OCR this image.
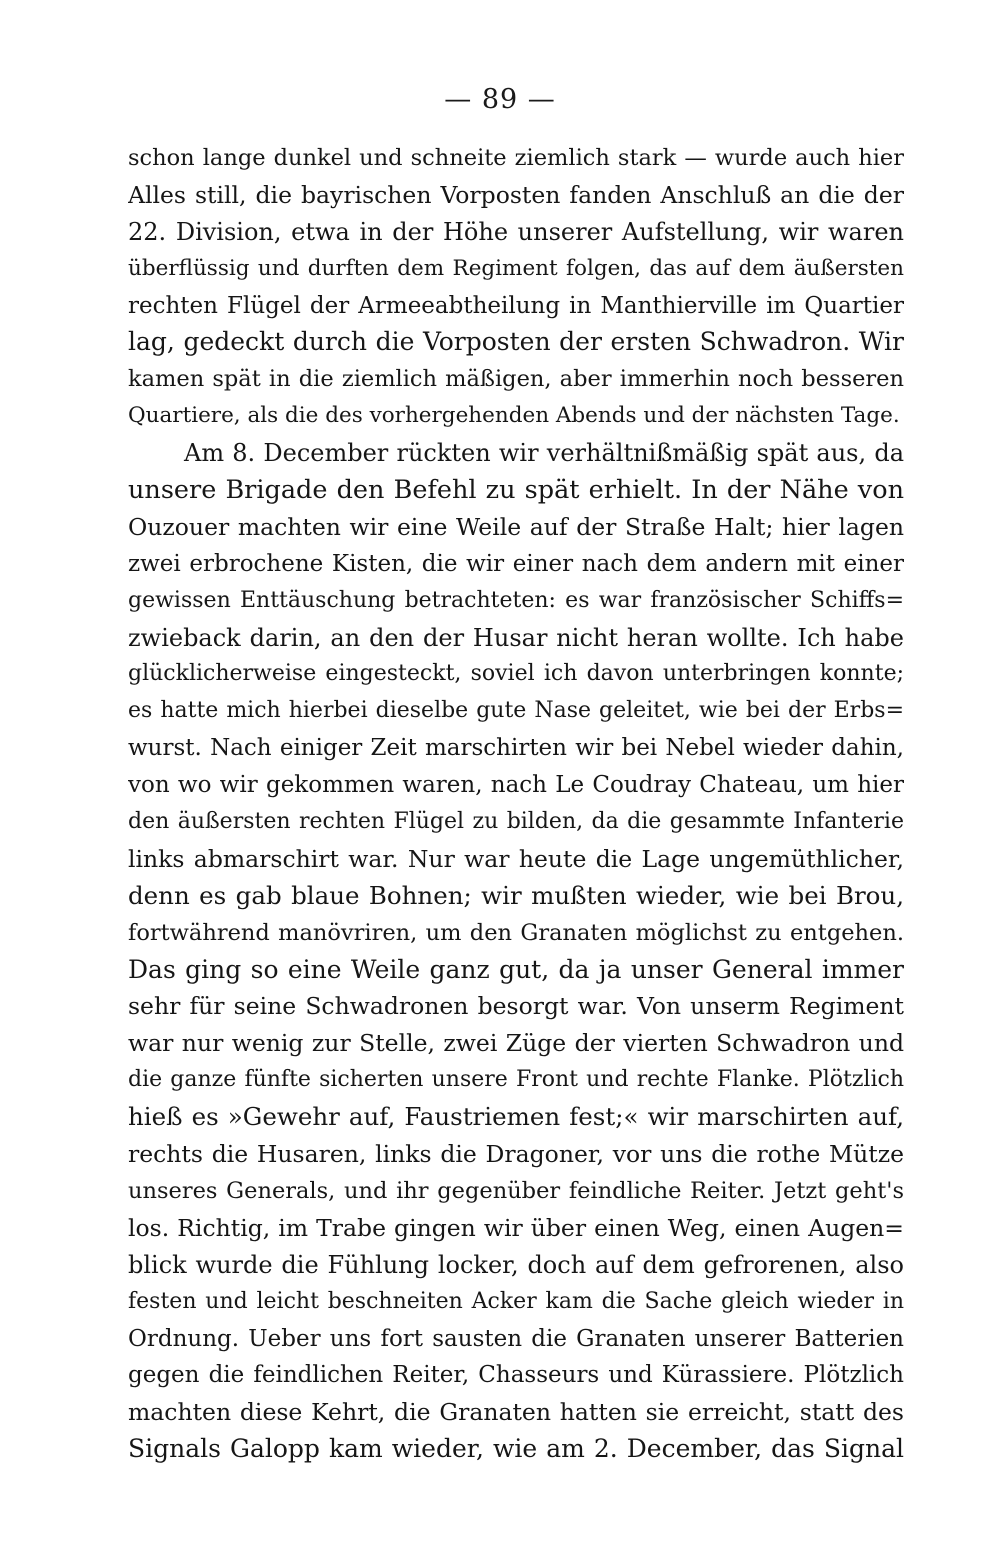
— 89 —
schon lange dunkel und schneite ziemlich stark — wurde auch hier
Alles still, die bayrischen Vorposten fanden Anschluß an die der
22. Division, etwa in der Höhe unserer Aufstellung, wir waren
überflüssig und durften dem Regiment folgen, das auf dem äußersten
rechten Flügel der Armeeabtheilung in Manthierville im Quartier
lag, gedeckt durch die Vorposten der ersten Schwadron. Wir
kamen spät in die ziemlich mäßigen, aber immerhin noch besseren
Quartiere, als die des vorhergehenden Abends und der nächsten Tage.
Am 8. December rückten wir verhältnißmäßig spät aus, da
unsere Brigade den Befehl zu spät erhielt. In der Nähe von
Ouzouer machten wir eine Weile auf der Straße Halt; hier lagen
zwei erbrochene Kisten, die wir einer nach dem andern mit einer
gewissen Enttäuschung betrachteten: es war französischer Schiffs=
zwieback darin, an den der Husar nicht heran wollte. Ich habe
glücklicherweise eingesteckt, soviel ich davon unterbringen konnte;
es hatte mich hierbei dieselbe gute Nase geleitet, wie bei der Erbs=
wurst. Nach einiger Zeit marschirten wir bei Nebel wieder dahin,
von wo wir gekommen waren, nach Le Coudray Chateau, um hier
den äußersten rechten Flügel zu bilden, da die gesammte Infanterie
links abmarschirt war. Nur war heute die Lage ungemüthlicher,
denn es gab blaue Bohnen; wir mußten wieder, wie bei Brou,
fortwährend manövriren, um den Granaten möglichst zu entgehen.
Das ging so eine Weile ganz gut, da ja unser General immer
sehr für seine Schwadronen besorgt war. Von unserm Regiment
war nur wenig zur Stelle, zwei Züge der vierten Schwadron und
die ganze fünfte sicherten unsere Front und rechte Flanke. Plötzlich
hieß es »Gewehr auf, Faustriemen fest;« wir marschirten auf,
rechts die Husaren, links die Dragoner, vor uns die rothe Mütze
unseres Generals, und ihr gegenüber feindliche Reiter. Jetzt geht's
los. Richtig, im Trabe gingen wir über einen Weg, einen Augen=
blick wurde die Fühlung locker, doch auf dem gefrorenen, also
festen und leicht beschneiten Acker kam die Sache gleich wieder in
Ordnung. Ueber uns fort sausten die Granaten unserer Batterien
gegen die feindlichen Reiter, Chasseurs und Kürassiere. Plötzlich
machten diese Kehrt, die Granaten hatten sie erreicht, statt des
Signals Galopp kam wieder, wie am 2. December, das Signal
